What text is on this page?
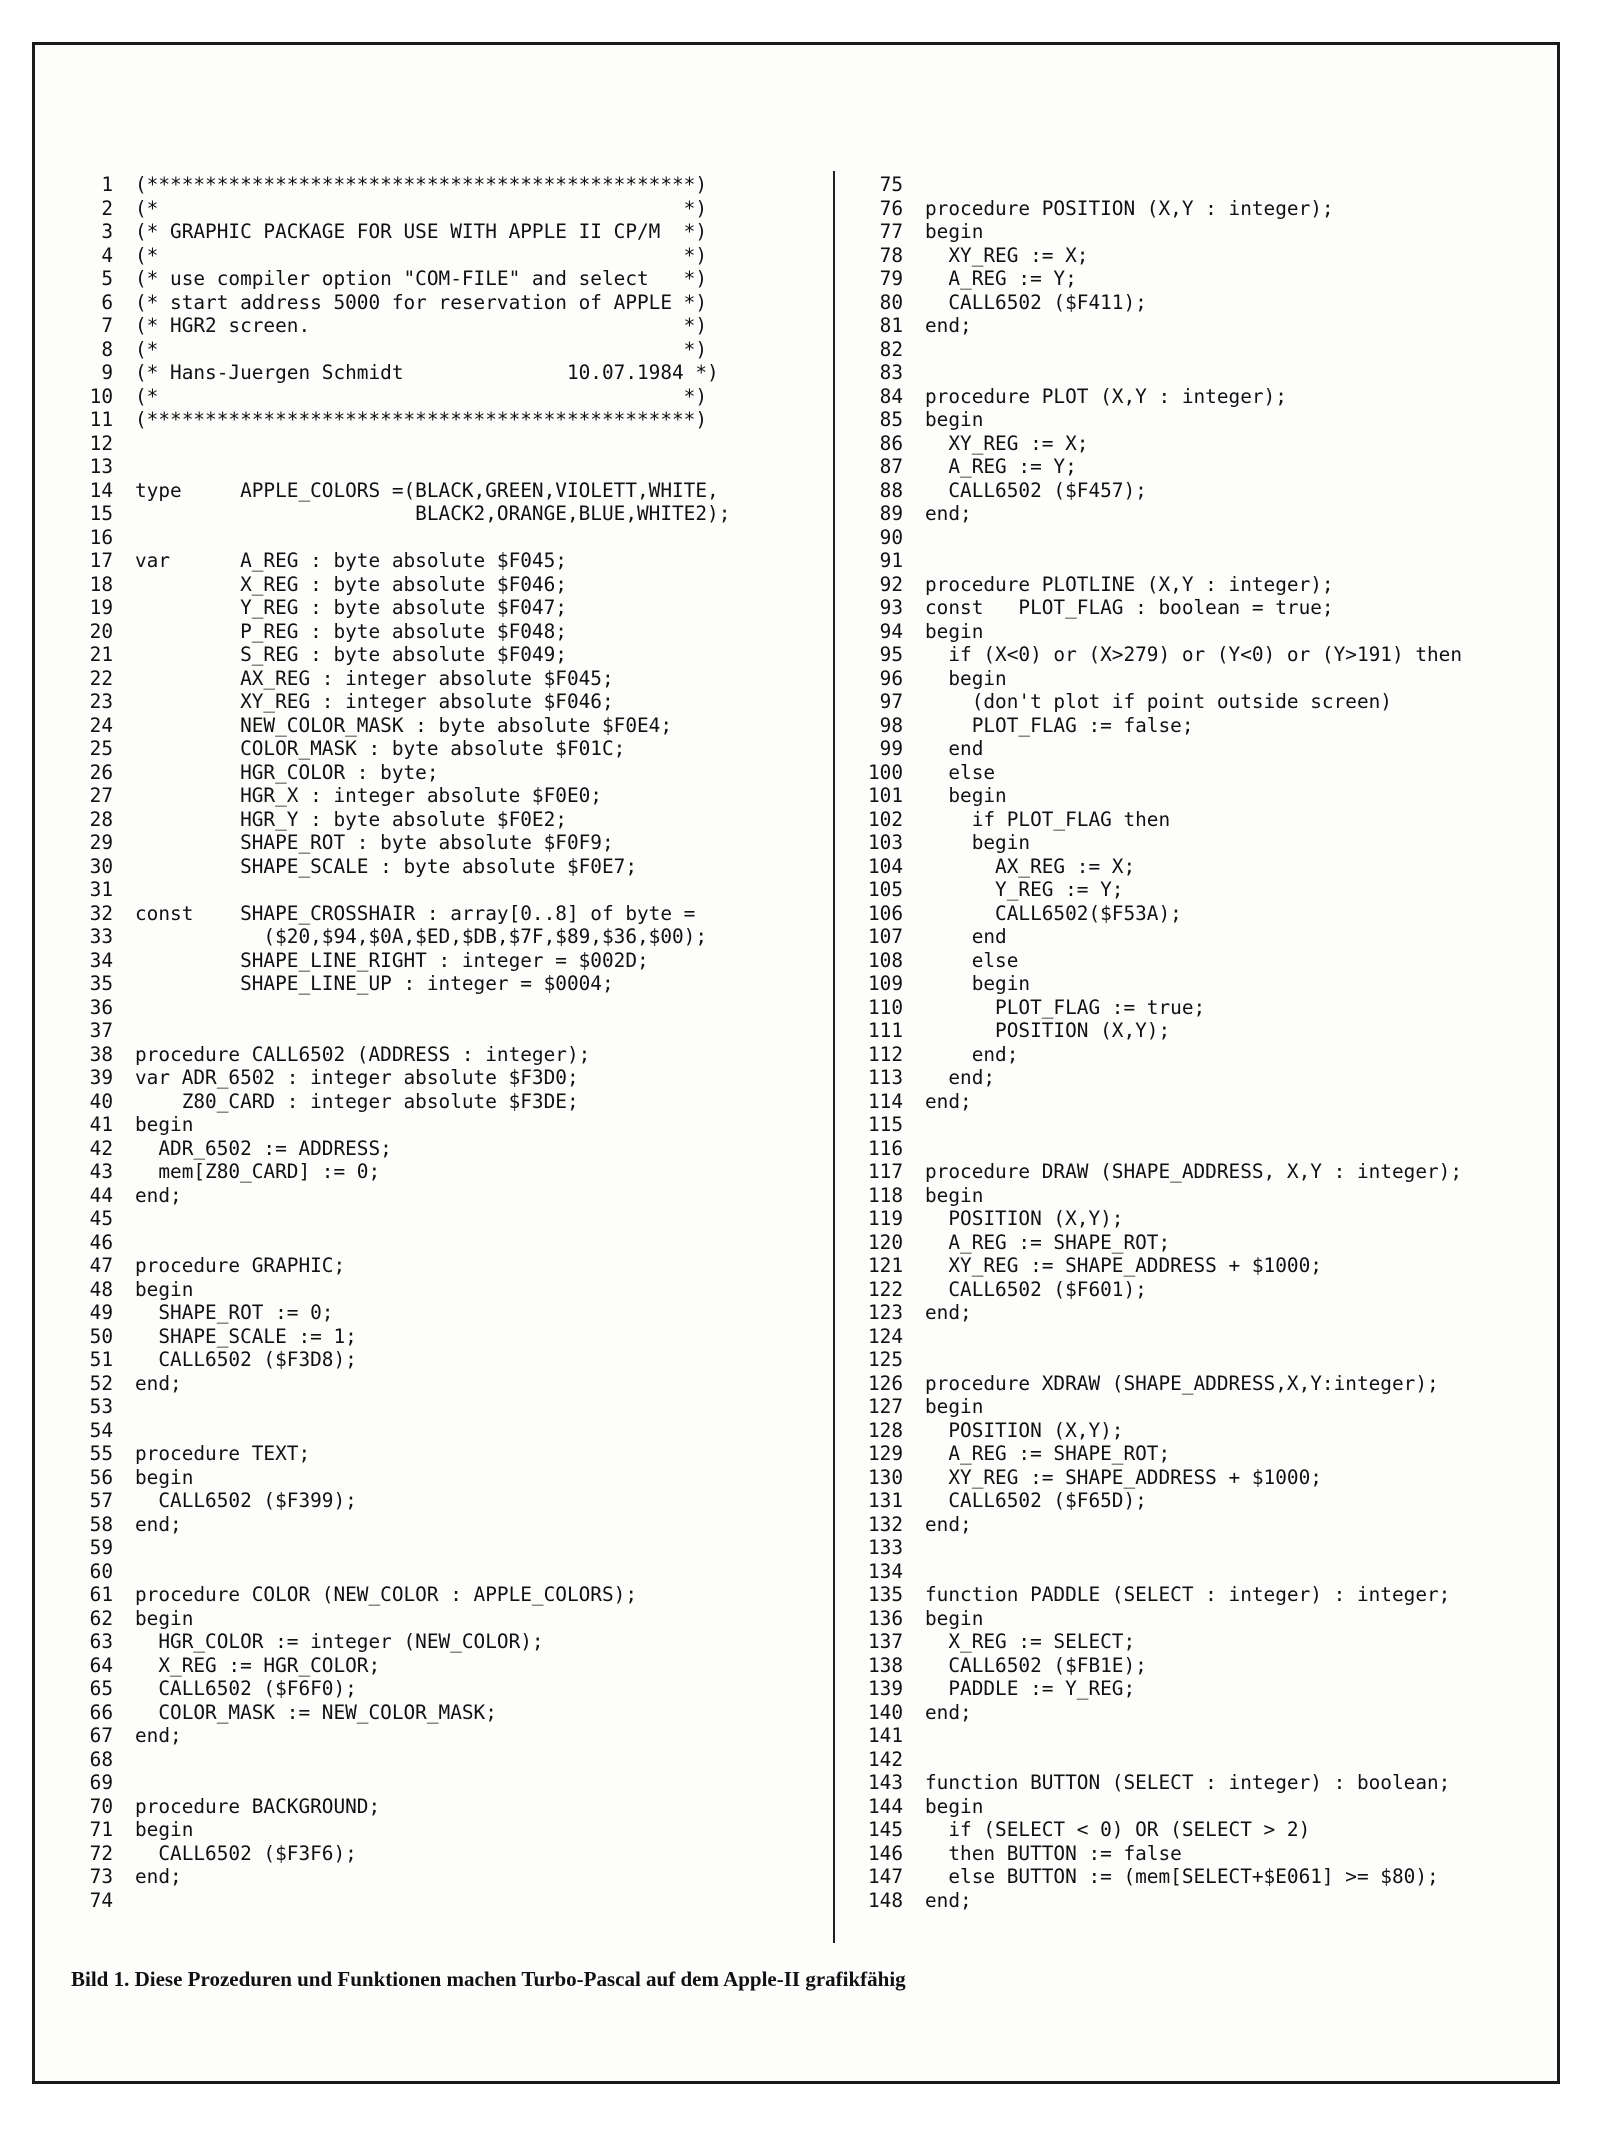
1 (***********************************************)
2 (*                                             *)
3 (* GRAPHIC PACKAGE FOR USE WITH APPLE II CP/M  *)
4 (*                                             *)
5 (* use compiler option "COM-FILE" and select   *)
6 (* start address 5000 for reservation of APPLE *)
7 (* HGR2 screen.                                *)
8 (*                                             *)
9 (* Hans-Juergen Schmidt              10.07.1984 *)
10 (*                                             *)
11 (***********************************************)
12
13
14 type     APPLE_COLORS =(BLACK,GREEN,VIOLETT,WHITE,
15 BLACK2,ORANGE,BLUE,WHITE2);
16
17 var      A_REG : byte absolute $F045;
18 X_REG : byte absolute $F046;
19 Y_REG : byte absolute $F047;
20 P_REG : byte absolute $F048;
21 S_REG : byte absolute $F049;
22 AX_REG : integer absolute $F045;
23 XY_REG : integer absolute $F046;
24 NEW_COLOR_MASK : byte absolute $F0E4;
25 COLOR_MASK : byte absolute $F01C;
26 HGR_COLOR : byte;
27 HGR_X : integer absolute $F0E0;
28 HGR_Y : byte absolute $F0E2;
29 SHAPE_ROT : byte absolute $F0F9;
30 SHAPE_SCALE : byte absolute $F0E7;
31
32 const    SHAPE_CROSSHAIR : array[0..8] of byte =
33 ($20,$94,$0A,$ED,$DB,$7F,$89,$36,$00);
34 SHAPE_LINE_RIGHT : integer = $002D;
35 SHAPE_LINE_UP : integer = $0004;
36
37
38 procedure CALL6502 (ADDRESS : integer);
39 var ADR_6502 : integer absolute $F3D0;
40 Z80_CARD : integer absolute $F3DE;
41 begin
42 ADR_6502 := ADDRESS;
43 mem[Z80_CARD] := 0;
44 end;
45
46
47 procedure GRAPHIC;
48 begin
49 SHAPE_ROT := 0;
50 SHAPE_SCALE := 1;
51 CALL6502 ($F3D8);
52 end;
53
54
55 procedure TEXT;
56 begin
57 CALL6502 ($F399);
58 end;
59
60
61 procedure COLOR (NEW_COLOR : APPLE_COLORS);
62 begin
63 HGR_COLOR := integer (NEW_COLOR);
64 X_REG := HGR_COLOR;
65 CALL6502 ($F6F0);
66 COLOR_MASK := NEW_COLOR_MASK;
67 end;
68
69
70 procedure BACKGROUND;
71 begin
72 CALL6502 ($F3F6);
73 end;
74
75
76 procedure POSITION (X,Y : integer);
77 begin
78 XY_REG := X;
79 A_REG := Y;
80 CALL6502 ($F411);
81 end;
82
83
84 procedure PLOT (X,Y : integer);
85 begin
86 XY_REG := X;
87 A_REG := Y;
88 CALL6502 ($F457);
89 end;
90
91
92 procedure PLOTLINE (X,Y : integer);
93 const   PLOT_FLAG : boolean = true;
94 begin
95 if (X<0) or (X>279) or (Y<0) or (Y>191) then
96 begin
97 (don't plot if point outside screen)
98 PLOT_FLAG := false;
99 end
100 else
101 begin
102 if PLOT_FLAG then
103 begin
104 AX_REG := X;
105 Y_REG := Y;
106 CALL6502($F53A);
107 end
108 else
109 begin
110 PLOT_FLAG := true;
111 POSITION (X,Y);
112 end;
113 end;
114 end;
115
116
117 procedure DRAW (SHAPE_ADDRESS, X,Y : integer);
118 begin
119 POSITION (X,Y);
120 A_REG := SHAPE_ROT;
121 XY_REG := SHAPE_ADDRESS + $1000;
122 CALL6502 ($F601);
123 end;
124
125
126 procedure XDRAW (SHAPE_ADDRESS,X,Y:integer);
127 begin
128 POSITION (X,Y);
129 A_REG := SHAPE_ROT;
130 XY_REG := SHAPE_ADDRESS + $1000;
131 CALL6502 ($F65D);
132 end;
133
134
135 function PADDLE (SELECT : integer) : integer;
136 begin
137 X_REG := SELECT;
138 CALL6502 ($FB1E);
139 PADDLE := Y_REG;
140 end;
141
142
143 function BUTTON (SELECT : integer) : boolean;
144 begin
145 if (SELECT < 0) OR (SELECT > 2)
146 then BUTTON := false
147 else BUTTON := (mem[SELECT+$E061] >= $80);
148 end;
Bild 1. Diese Prozeduren und Funktionen machen Turbo-Pascal auf dem Apple-II grafikfähig
